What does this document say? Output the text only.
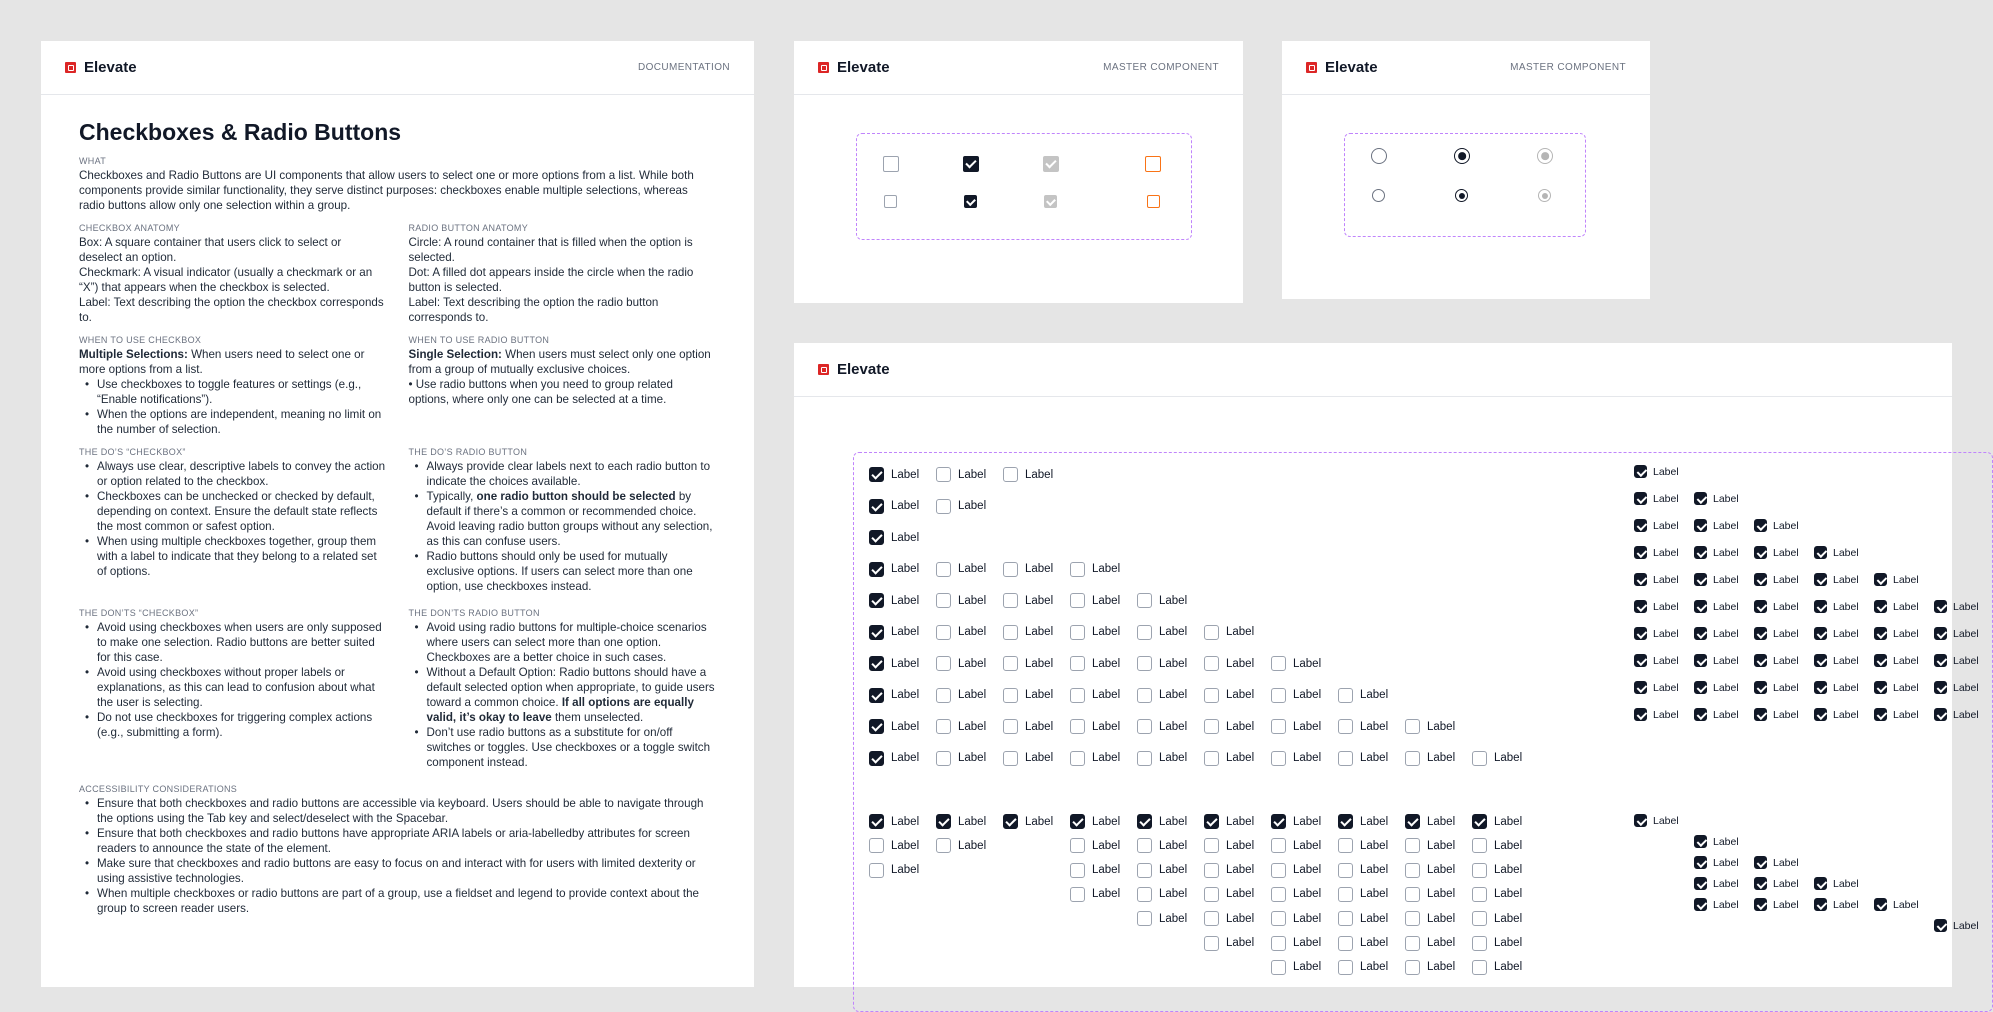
Elevate	DOCUMENTATION
Checkboxes & Radio Buttons
WHAT

Checkboxes and Radio Buttons are UI components that allow users to select one or more options from a list. While both components provide similar functionality, they serve distinct purposes: checkboxes enable multiple selections, whereas radio buttons allow only one selection within a group.

CHECKBOX ANATOMY

Box: A square container that users click to select or deselect an option.

Checkmark: A visual indicator (usually a checkmark or an “X”) that appears when the checkbox is selected.

Label: Text describing the option the checkbox corresponds to.

RADIO BUTTON ANATOMY

Circle: A round container that is filled when the option is selected.

Dot: A filled dot appears inside the circle when the radio button is selected.

Label: Text describing the option the radio button corresponds to.

WHEN TO USE CHECKBOX

Multiple Selections: When users need to select one or more options from a list.

• Use checkboxes to toggle features or settings (e.g., “Enable notifications”).
• When the options are independent, meaning no limit on the number of selection.
WHEN TO USE RADIO BUTTON

Single Selection: When users must select only one option from a group of mutually exclusive choices.

• Use radio buttons when you need to group related options, where only one can be selected at a time.

THE DO’S “CHECKBOX”
• Always use clear, descriptive labels to convey the action or option related to the checkbox.
• Checkboxes can be unchecked or checked by default, depending on context. Ensure the default state reflects the most common or safest option.
• When using multiple checkboxes together, group them with a label to indicate that they belong to a related set of options.
THE DO’S RADIO BUTTON
• Always provide clear labels next to each radio button to indicate the choices available.
• Typically, one radio button should be selected by default if there’s a common or recommended choice. Avoid leaving radio button groups without any selection, as this can confuse users.
• Radio buttons should only be used for mutually exclusive options. If users can select more than one option, use checkboxes instead.
THE DON’TS “CHECKBOX”
• Avoid using checkboxes when users are only supposed to make one selection. Radio buttons are better suited for this case.
• Avoid using checkboxes without proper labels or explanations, as this can lead to confusion about what the user is selecting.
• Do not use checkboxes for triggering complex actions (e.g., submitting a form).
THE DON’TS RADIO BUTTON
• Avoid using radio buttons for multiple-choice scenarios where users can select more than one option. Checkboxes are a better choice in such cases.
• Without a Default Option: Radio buttons should have a default selected option when appropriate, to guide users toward a common choice. If all options are equally valid, it’s okay to leave them unselected.
• Don’t use radio buttons as a substitute for on/off switches or toggles. Use checkboxes or a toggle switch component instead.
ACCESSIBILITY CONSIDERATIONS
• Ensure that both checkboxes and radio buttons are accessible via keyboard. Users should be able to navigate through the options using the Tab key and select/deselect with the Spacebar.
• Ensure that both checkboxes and radio buttons have appropriate ARIA labels or aria-labelledby attributes for screen readers to announce the state of the element.
• Make sure that checkboxes and radio buttons are easy to focus on and interact with for users with limited dexterity or using assistive technologies.
• When multiple checkboxes or radio buttons are part of a group, use a fieldset and legend to provide context about the group to screen reader users.
Elevate	MASTER COMPONENT	Elevate	MASTER COMPONENT
Elevate
Label	Label	Label
Label	Label
Label
Label	Label	Label	Label
Label	Label	Label	Label	Label
Label	Label	Label	Label	Label	Label
Label	Label	Label	Label	Label	Label	Label
Label	Label	Label	Label	Label	Label	Label	Label
Label	Label	Label	Label	Label	Label	Label	Label	Label
Label	Label	Label	Label	Label	Label	Label	Label	Label	Label
Label
Label
Label
Label
Label
Label	Label
Label
Label
Label
Label
Label
Label
Label
Label
Label
Label
Label
Label
Label
Label
Label
Label
Label
Label
Label
Label
Label
Label
Label
Label
Label
Label
Label
Label
Label
Label
Label
Label
Label
Label
Label
Label
Label
Label
Label
Label
Label
Label
Label
Label	Label
Label	Label	Label
Label	Label	Label	Label
Label	Label	Label	Label	Label
Label	Label	Label	Label	Label	Label
Label	Label	Label	Label	Label	Label
Label	Label	Label	Label	Label	Label
Label	Label	Label	Label	Label	Label
Label	Label	Label	Label	Label	Label
Label
Label
Label
Label
Label
Label
Label
Label
Label
Label	Label
Label
